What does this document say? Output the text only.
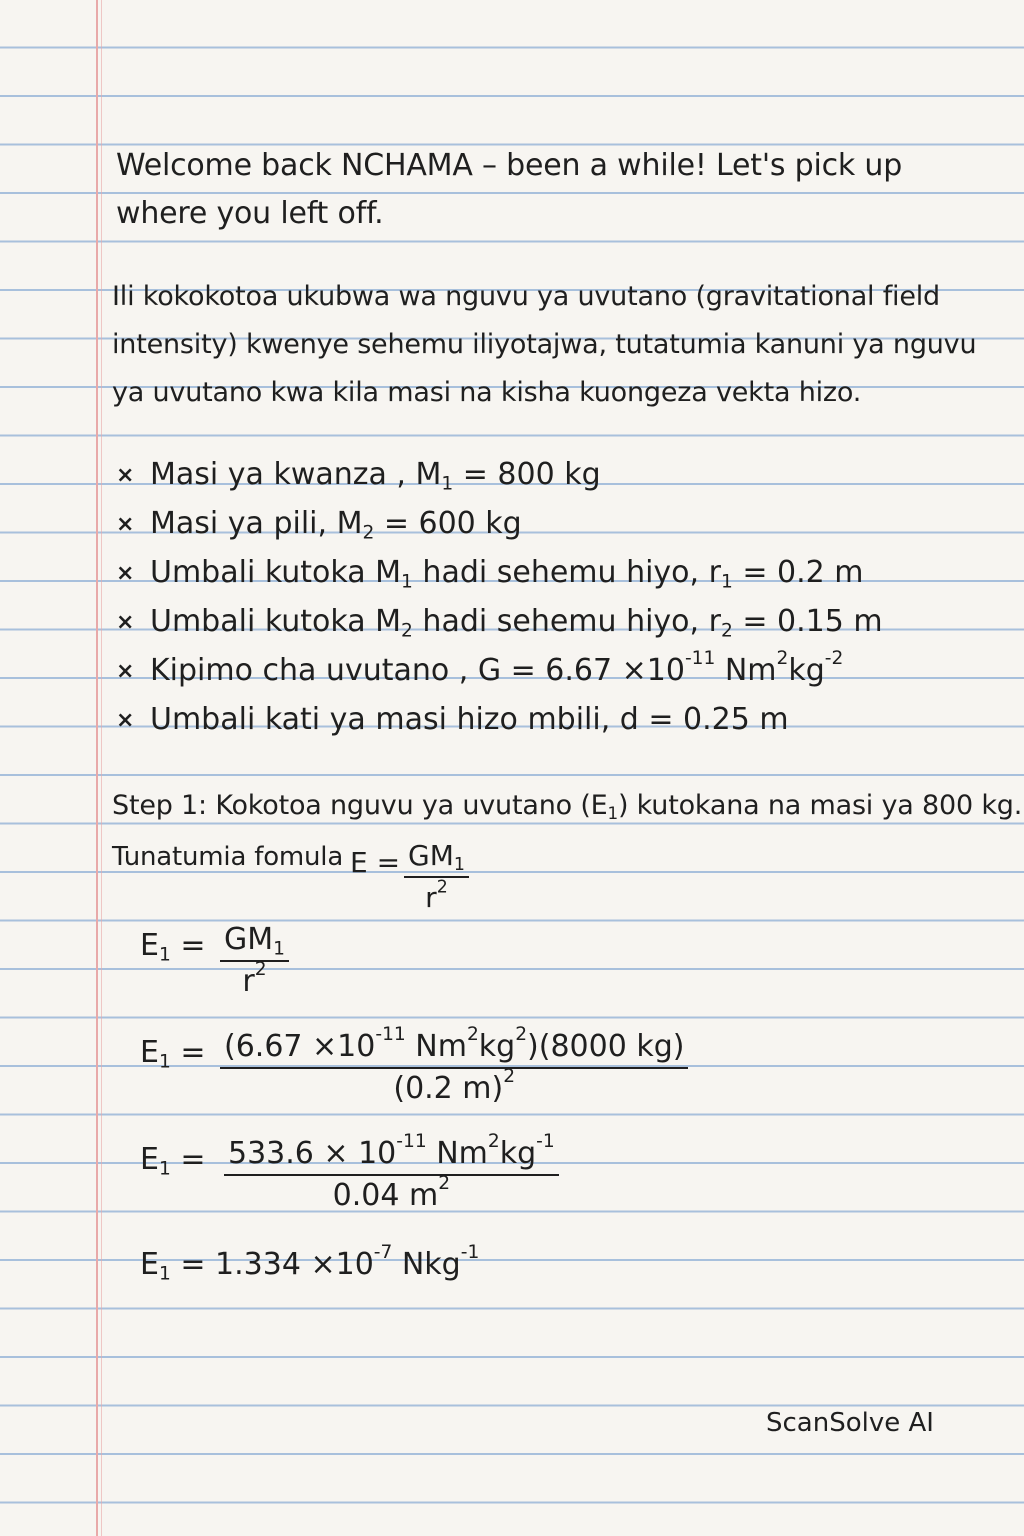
Welcome back NCHAMA – been a while! Let's pick up where you left off.
Ili kokokotoa ukubwa wa nguvu ya uvutano (gravitational field intensity) kwenye sehemu iliyotajwa, tutatumia kanuni ya nguvu ya uvutano kwa kila masi na kisha kuongeza vekta hizo.
× Masi ya kwanza , $M_1 = 800$ kg
× Masi ya pili, $M_2 = 600$ kg
× Umbali kutoka $M_1$ hadi sehemu hiyo, $r_1 = 0.2$ m
× Umbali kutoka $M_2$ hadi sehemu hiyo, $r_2 = 0.15$ m
× Kipimo cha uvutano , $G = 6.67 \times 10^{-11}$ $Nm^2kg^{-2}$
× Umbali kati ya masi hizo mbili, d = 0.25 m
Step 1: Kokotoa nguvu ya uvutano $(E_1)$ kutokana na masi ya 800 kg.
Tunatumia fomula $E = \frac{GM_1}{r^2}$
$E_1 = \frac{GM_1}{r^2}$
$E_1 = \frac{(6.67 \times 10^{-11} Nm^2kg^2)(8000 kg)}{(0.2 m)^2}$
$E_1 = \frac{533.6 \times 10^{-11} Nm^2kg^{-1}}{0.04 m^2}$
$E_1 = 1.334 \times 10^{-7}$ Nkg$^{-1}$
ScanSolve AI
